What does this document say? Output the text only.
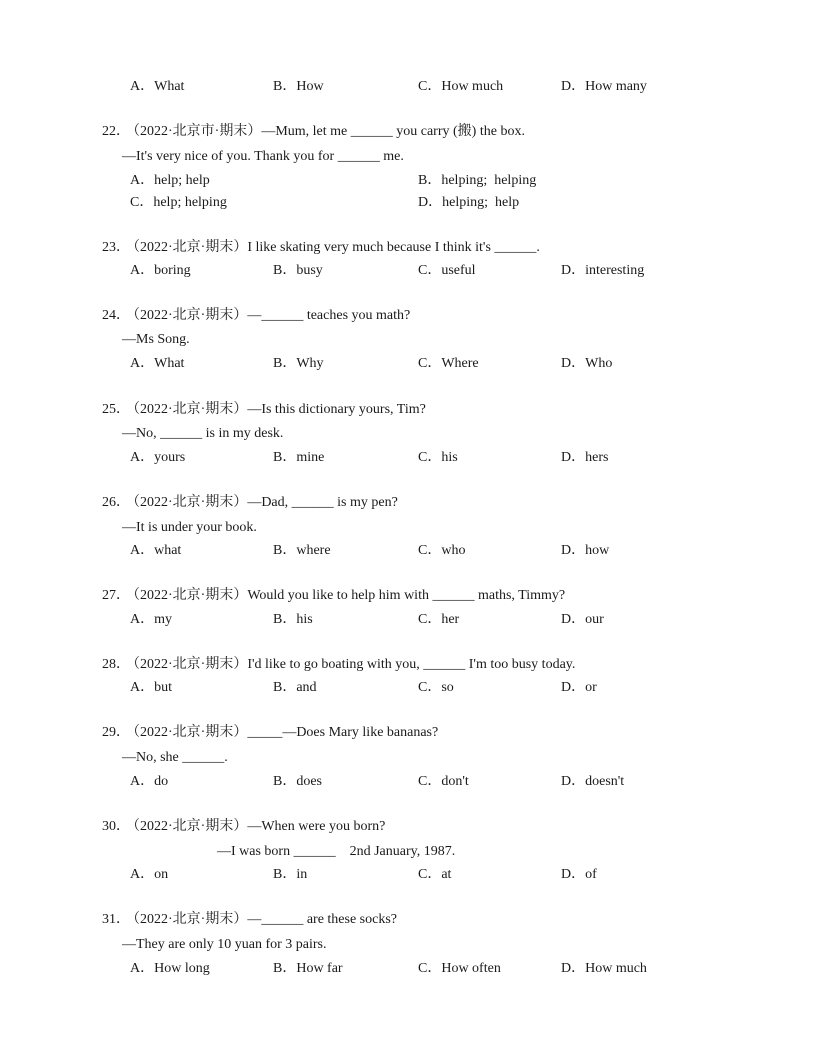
A．What	B．How	C．How much	D．How many
22．
（2022·北京市·期末）—Mum, let me ______ you carry (搬) the box.
—It's very nice of you. Thank you for ______ me.
A．help; help	B．helping;  helping
C．help; helping	D．helping;  help
23．
（2022·北京·期末）I like skating very much because I think it's ______.
A．boring	B．busy	C．useful	D．interesting
24．
（2022·北京·期末）—______ teaches you math?
—Ms Song.
A．What	B．Why	C．Where	D．Who
25．
（2022·北京·期末）—Is this dictionary yours, Tim?
—No, ______ is in my desk.
A．yours	B．mine	C．his	D．hers
26．
（2022·北京·期末）—Dad, ______ is my pen?
—It is under your book.
A．what	B．where	C．who	D．how
27．
（2022·北京·期末）Would you like to help him with ______ maths, Timmy?
A．my	B．his	C．her	D．our
28．
（2022·北京·期末）I'd like to go boating with you, ______ I'm too busy today.
A．but	B．and	C．so	D．or
29．
（2022·北京·期末）_____—Does Mary like bananas?
—No, she ______.
A．do	B．does	C．don't	D．doesn't
30．
（2022·北京·期末）—When were you born?
—I was born ______    2nd January, 1987.
A．on	B．in	C．at	D．of
31．
（2022·北京·期末）—______ are these socks?
—They are only 10 yuan for 3 pairs.
A．How long	B．How far	C．How often	D．How much
